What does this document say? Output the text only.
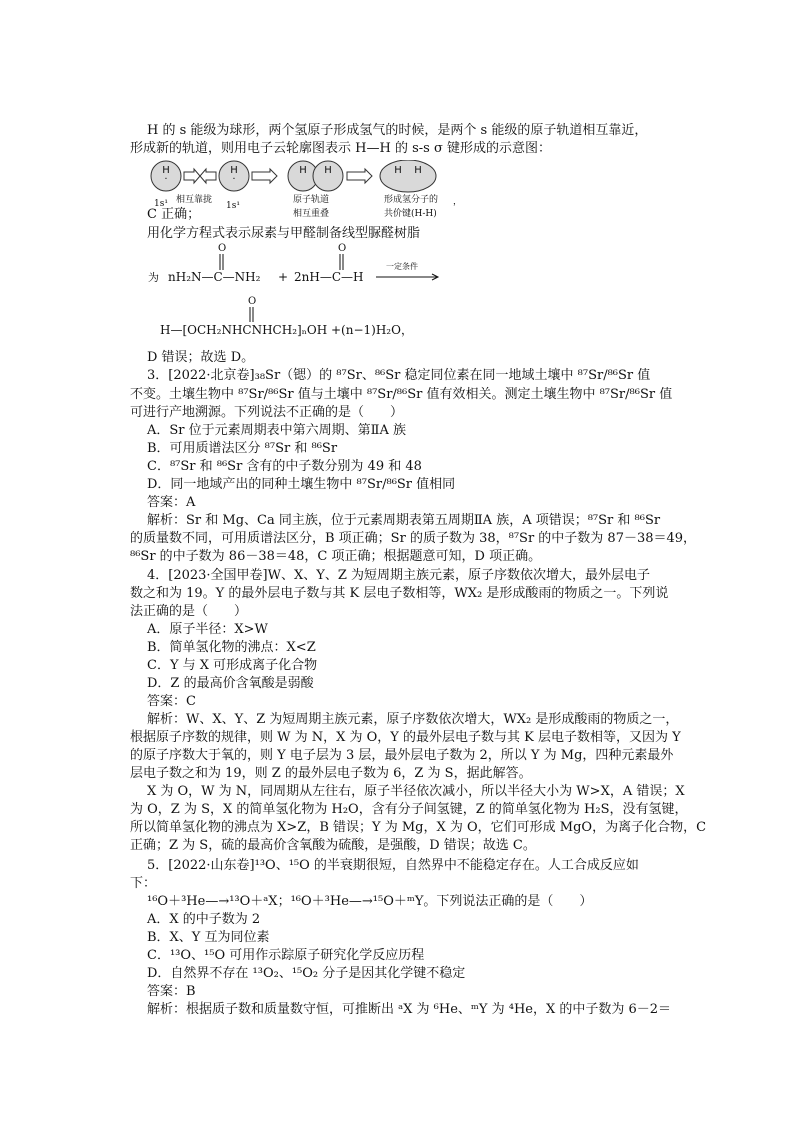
H 的 s 能级为球形，两个氢原子形成氢气的时候，是两个 s 能级的原子轨道相互靠近，
形成新的轨道，则用电子云轮廓图表示 H—H 的 s-s σ 键形成的示意图：
H
·
H
·
H H	H H
1s¹	1s¹
相互靠拢	原子轨道
相互重叠
形成氢分子的
共价键(H-H)
，
C 正确；
用化学方程式表示尿素与甲醛制备线型脲醛树脂
为
O	O
nH₂N—C—NH₂ + 2nH—C—H
一定条件
O
H⁠—[OCH₂NHCNHCH₂]ₙOH +(n−1)H₂O，
D 错误；故选 D。
3．[2022·北京卷]₃₈Sr（锶）的 ⁸⁷Sr、⁸⁶Sr 稳定同位素在同一地域土壤中 ⁸⁷Sr/⁸⁶Sr 值
不变。土壤生物中 ⁸⁷Sr/⁸⁶Sr 值与土壤中 ⁸⁷Sr/⁸⁶Sr 值有效相关。测定土壤生物中 ⁸⁷Sr/⁸⁶Sr 值
可进行产地溯源。下列说法不正确的是（　　）
A．Sr 位于元素周期表中第六周期、第ⅡA 族
B．可用质谱法区分 ⁸⁷Sr 和 ⁸⁶Sr
C．⁸⁷Sr 和 ⁸⁶Sr 含有的中子数分别为 49 和 48
D．同一地域产出的同种土壤生物中 ⁸⁷Sr/⁸⁶Sr 值相同
答案：A
解析：Sr 和 Mg、Ca 同主族，位于元素周期表第五周期ⅡA 族，A 项错误；⁸⁷Sr 和 ⁸⁶Sr
的质量数不同，可用质谱法区分，B 项正确；Sr 的质子数为 38，⁸⁷Sr 的中子数为 87－38＝49，
⁸⁶Sr 的中子数为 86－38＝48，C 项正确；根据题意可知，D 项正确。
4．[2023·全国甲卷]W、X、Y、Z 为短周期主族元素，原子序数依次增大，最外层电子
数之和为 19。Y 的最外层电子数与其 K 层电子数相等，WX₂ 是形成酸雨的物质之一。下列说
法正确的是（　　）
A．原子半径：X>W
B．简单氢化物的沸点：X<Z
C．Y 与 X 可形成离子化合物
D．Z 的最高价含氧酸是弱酸
答案：C
解析：W、X、Y、Z 为短周期主族元素，原子序数依次增大，WX₂ 是形成酸雨的物质之一，
根据原子序数的规律，则 W 为 N，X 为 O，Y 的最外层电子数与其 K 层电子数相等，又因为 Y
的原子序数大于氧的，则 Y 电子层为 3 层，最外层电子数为 2，所以 Y 为 Mg，四种元素最外
层电子数之和为 19，则 Z 的最外层电子数为 6，Z 为 S，据此解答。
X 为 O，W 为 N，同周期从左往右，原子半径依次减小，所以半径大小为 W>X，A 错误；X
为 O，Z 为 S，X 的简单氢化物为 H₂O，含有分子间氢键，Z 的简单氢化物为 H₂S，没有氢键，
所以简单氢化物的沸点为 X>Z，B 错误；Y 为 Mg，X 为 O，它们可形成 MgO，为离子化合物，C
正确；Z 为 S，硫的最高价含氧酸为硫酸，是强酸，D 错误；故选 C。
5．[2022·山东卷]¹³O、¹⁵O 的半衰期很短，自然界中不能稳定存在。人工合成反应如
下：
¹⁶O＋³He—→¹³O＋ᵃX；¹⁶O＋³He—→¹⁵O＋ᵐY。下列说法正确的是（　　）
A．X 的中子数为 2
B．X、Y 互为同位素
C．¹³O、¹⁵O 可用作示踪原子研究化学反应历程
D．自然界不存在 ¹³O₂、¹⁵O₂ 分子是因其化学键不稳定
答案：B
解析：根据质子数和质量数守恒，可推断出 ᵃX 为 ⁶He、ᵐY 为 ⁴He，X 的中子数为 6－2＝
